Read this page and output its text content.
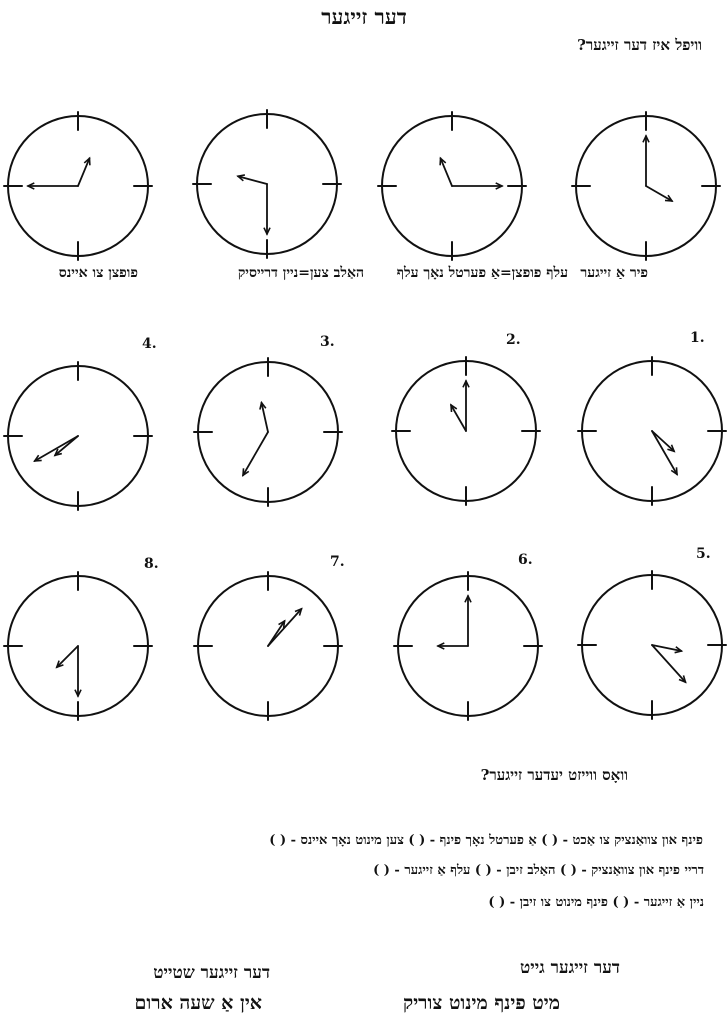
דער זייגער
וויפל איז דער זייגער?
פיר אַ זייגער
עלף פופצן=אַ פערטל נאָך עלף
האַלב צען=ניין דרייסיק
פופצן צו איינס
1.
2.
3.
4.
5.
6.
7.
8.
וואָס ווייזט יעדער זייגער?
פינף און צוואַנציק צו אַכט - ( ) אַ פערטל נאָך פינף - ( ) צען מינוט נאָך איינס - ( )
דריי פינף און צוואַנציק - ( ) האַלב זיבן - ( ) עלף אַ זייגער - ( )
ניין אַ זייגער - ( ) פינף מינוט צו זיבן - ( )
דער זייגער שטייט	דער זייגער גייט
אין אַ שעה ארום	מיט פינף מינוט צוריק
